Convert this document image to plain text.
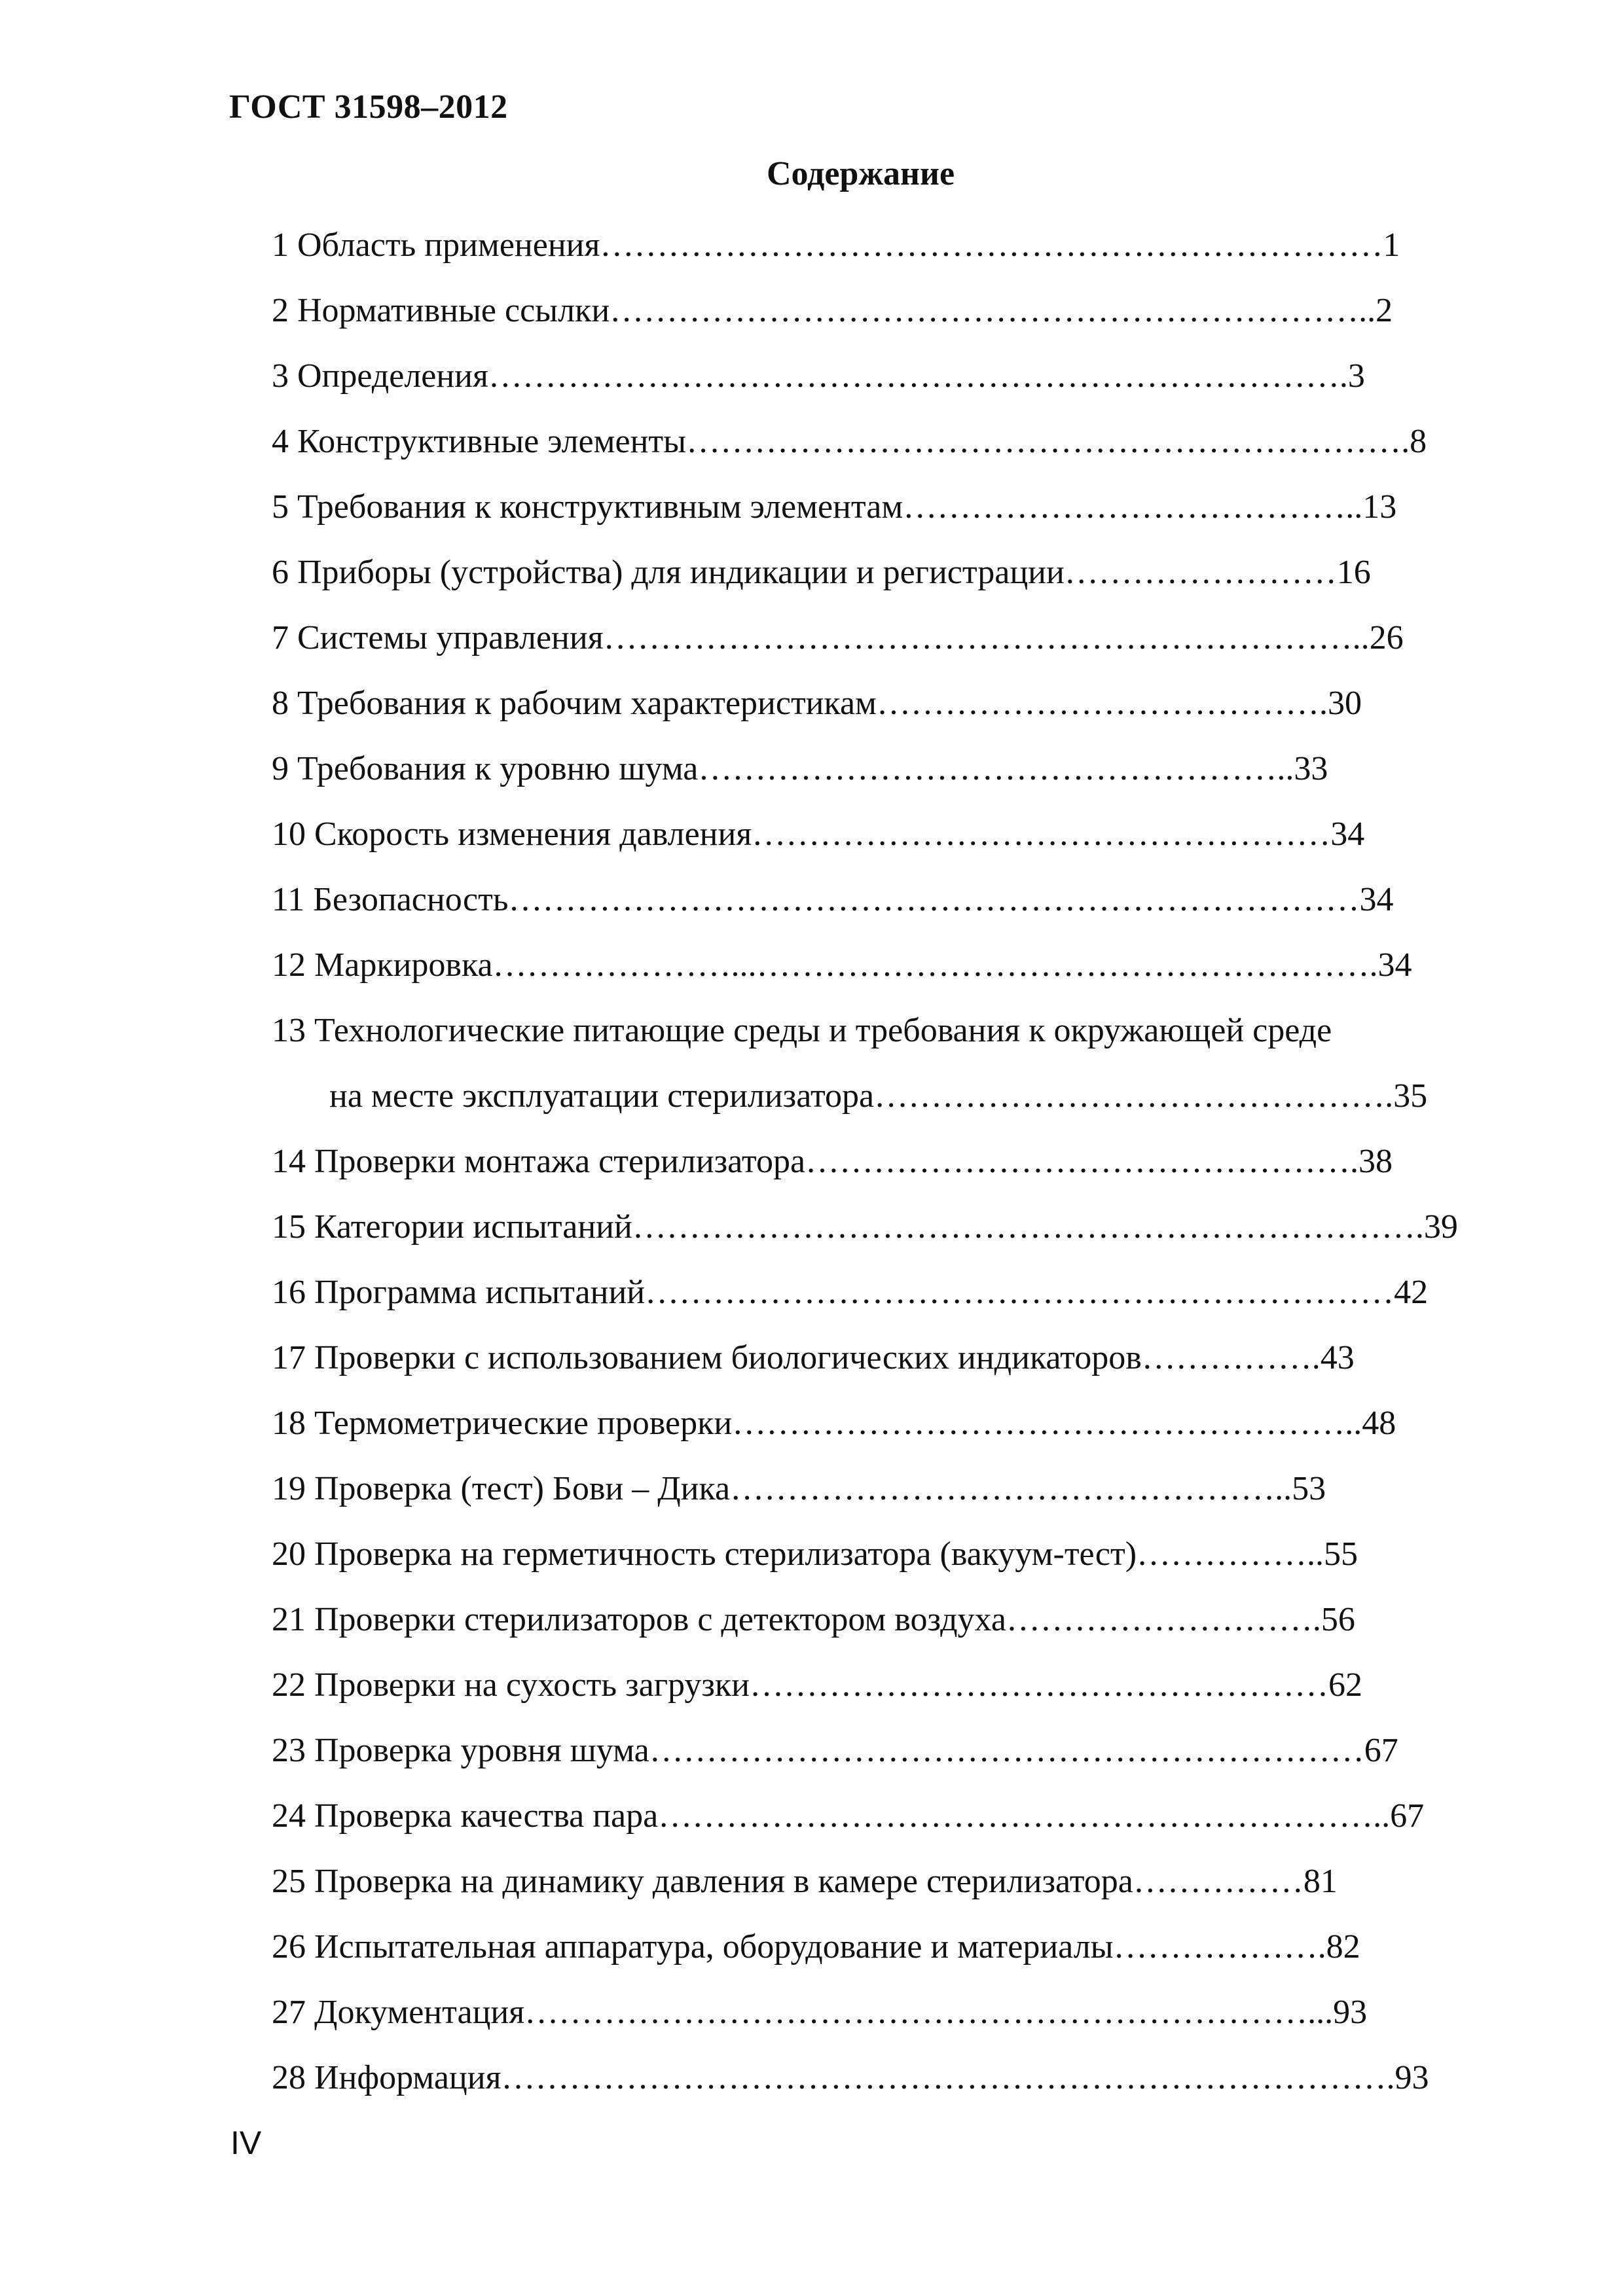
ГОСТ 31598–2012
Содержание
1 Область применения……………………………………………………………1
2 Нормативные ссылки…………………………………………………………..2
3 Определения………………………………………………………………….3
4 Конструктивные элементы……………………………………………………….8
5 Требования к конструктивным элементам…………………………………..13
6 Приборы (устройства) для индикации и регистрации……………………16
7 Системы управления…………………………………………………………..26
8 Требования к рабочим характеристикам………………………………….30
9 Требования к уровню шума……………………………………………..33
10 Скорость изменения давления……………………………………………34
11 Безопасность…………………………………………………………………34
12 Маркировка…………………...……………………………………………….34
13 Технологические питающие среды и требования к окружающей среде
на месте эксплуатации стерилизатора……………………………………….35
14 Проверки монтажа стерилизатора………………………………………….38
15 Категории испытаний…………………………………………………………….39
16 Программа испытаний…………………………………………………………42
17 Проверки с использованием биологических индикаторов…………….43
18 Термометрические проверки………………………………………………..48
19 Проверка (тест) Бови – Дика…………………………………………..53
20 Проверка на герметичность стерилизатора (вакуум-тест)……………..55
21 Проверки стерилизаторов с детектором воздуха……………………….56
22 Проверки на сухость загрузки……………………………………………62
23 Проверка уровня шума………………………………………………………67
24 Проверка качества пара………………………………………………………..67
25 Проверка на динамику давления в камере стерилизатора……………81
26 Испытательная аппаратура, оборудование и материалы……………….82
27 Документация……………………………………………………………...93
28 Информация…………………………………………………………………….93
IV
